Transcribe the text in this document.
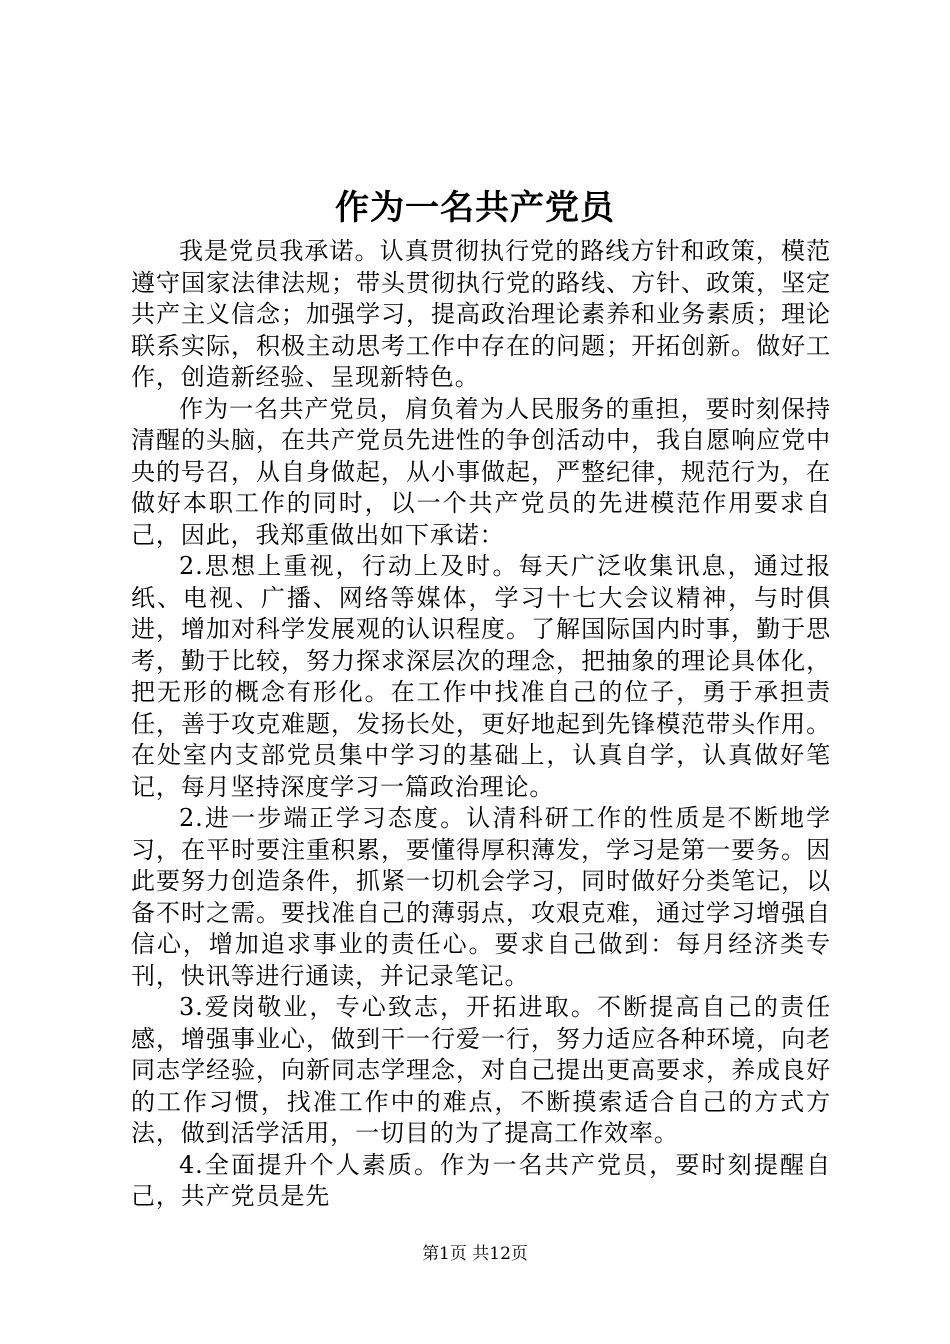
作为一名共产党员

我是党员我承诺。认真贯彻执行党的路线方针和政策，模范遵守国家法律法规；带头贯彻执行党的路线、方针、政策，坚定共产主义信念；加强学习，提高政治理论素养和业务素质；理论联系实际，积极主动思考工作中存在的问题；开拓创新。做好工作，创造新经验、呈现新特色。

作为一名共产党员，肩负着为人民服务的重担，要时刻保持清醒的头脑，在共产党员先进性的争创活动中，我自愿响应党中央的号召，从自身做起，从小事做起，严整纪律，规范行为，在做好本职工作的同时，以一个共产党员的先进模范作用要求自己，因此，我郑重做出如下承诺：

2.思想上重视，行动上及时。每天广泛收集讯息，通过报纸、电视、广播、网络等媒体，学习十七大会议精神，与时俱进，增加对科学发展观的认识程度。了解国际国内时事，勤于思考，勤于比较，努力探求深层次的理念，把抽象的理论具体化，把无形的概念有形化。在工作中找准自己的位子，勇于承担责任，善于攻克难题，发扬长处，更好地起到先锋模范带头作用。在处室内支部党员集中学习的基础上，认真自学，认真做好笔记，每月坚持深度学习一篇政治理论。

2.进一步端正学习态度。认清科研工作的性质是不断地学习，在平时要注重积累，要懂得厚积薄发，学习是第一要务。因此要努力创造条件，抓紧一切机会学习，同时做好分类笔记，以备不时之需。要找准自己的薄弱点，攻艰克难，通过学习增强自信心，增加追求事业的责任心。要求自己做到：每月经济类专刊，快讯等进行通读，并记录笔记。

3.爱岗敬业，专心致志，开拓进取。不断提高自己的责任感，增强事业心，做到干一行爱一行，努力适应各种环境，向老同志学经验，向新同志学理念，对自己提出更高要求，养成良好的工作习惯，找准工作中的难点，不断摸索适合自己的方式方法，做到活学活用，一切目的为了提高工作效率。

4.全面提升个人素质。作为一名共产党员，要时刻提醒自己，共产党员是先

第1页 共12页
